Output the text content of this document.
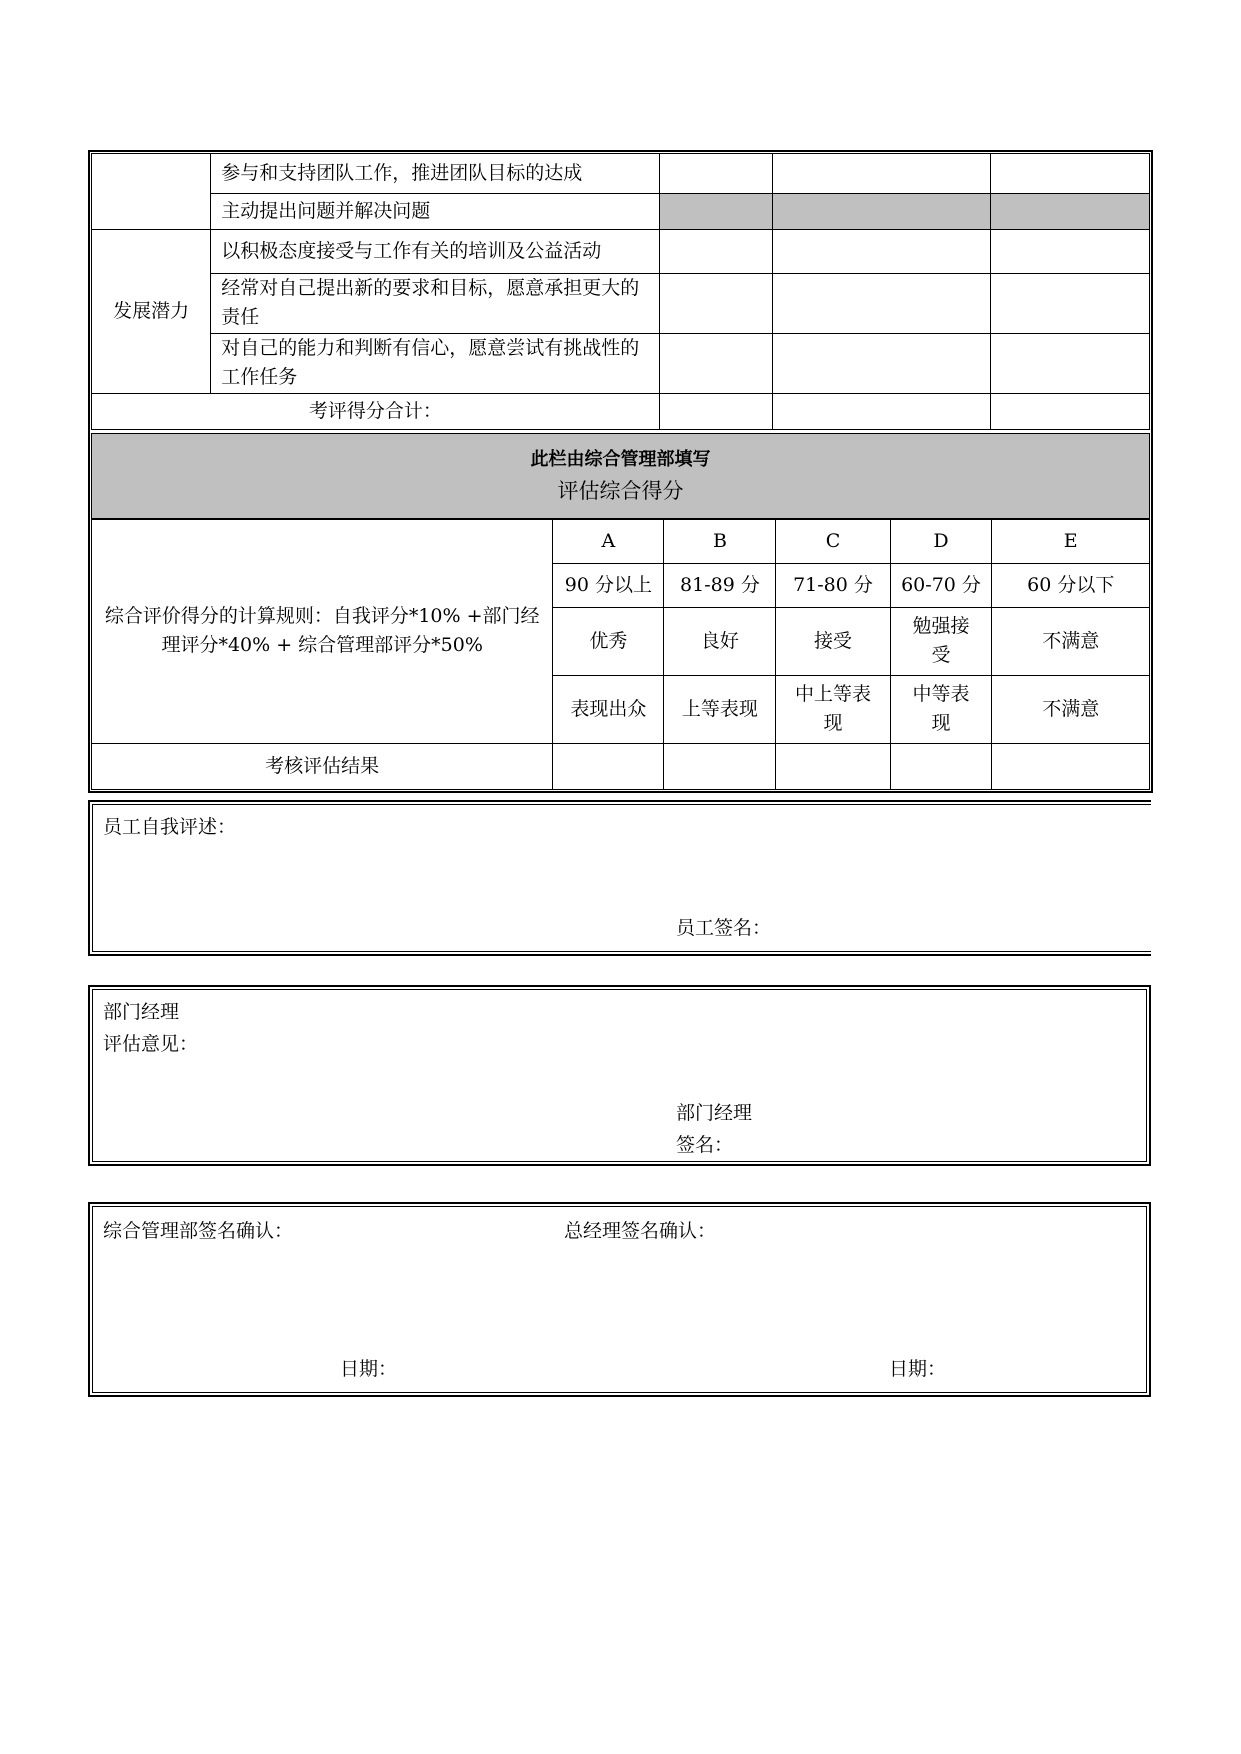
	参与和支持团队工作，推进团队目标的达成			
	主动提出问题并解决问题			
发展潜力	以积极态度接受与工作有关的培训及公益活动			
	经常对自己提出新的要求和目标，愿意承担更大的责任			
	对自己的能力和判断有信心，愿意尝试有挑战性的工作任务			
考评得分合计：				
此栏由综合管理部填写
评估综合得分
综合评价得分的计算规则：自我评分*10% +部门经理评分*40% + 综合管理部评分*50%	A	B	C	D	E
	90 分以上	81-89 分	71-80 分	60-70 分	60 分以下
	优秀	良好	接受	勉强接受	不满意
	表现出众	上等表现	中上等表现	中等表现	不满意
考核评估结果					
员工自我评述：
员工签名：
部门经理
评估意见：
部门经理
签名：
综合管理部签名确认：	总经理签名确认：
日期：	日期：
